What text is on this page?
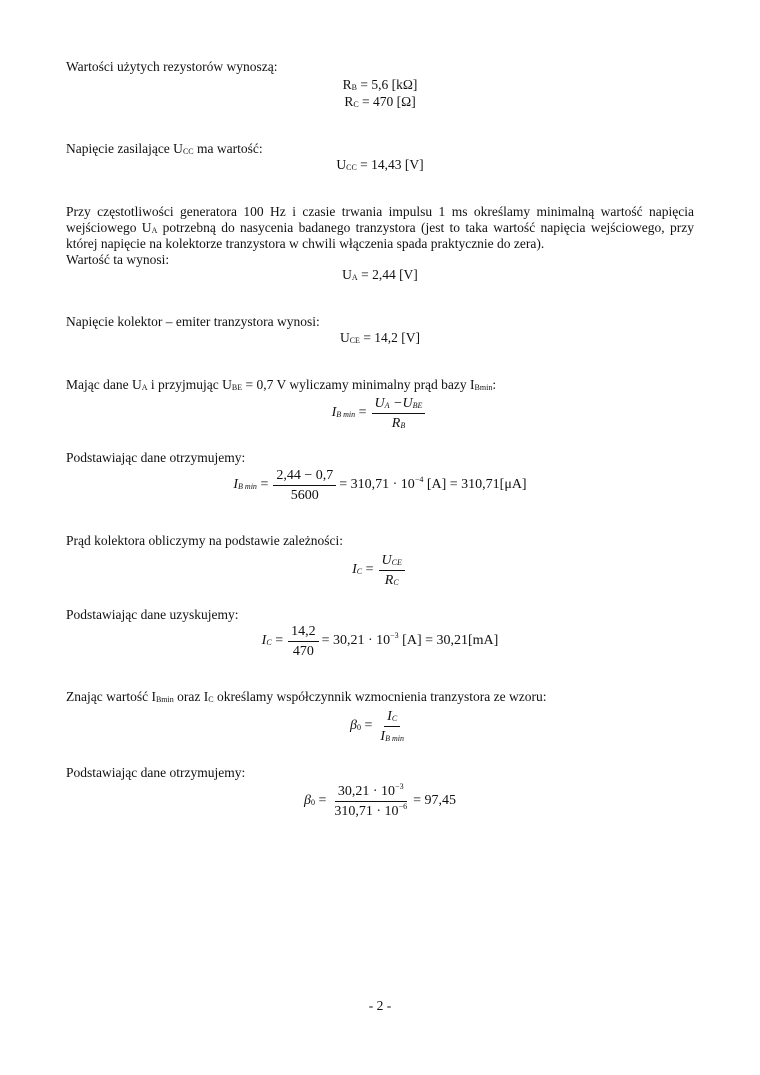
Wartości użytych rezystorów wynoszą:
$R_B = 5,6$ [kΩ]
$R_C = 470$ [Ω]
Napięcie zasilające $U_{CC}$ ma wartość:
$U_{CC} = 14,43$ [V]
Przy częstotliwości generatora 100 Hz i czasie trwania impulsu 1 ms określamy minimalną wartość napięcia
wejściowego $U_A$ potrzebną do nasycenia badanego tranzystora (jest to taka wartość napięcia wejściowego, przy
której napięcie na kolektorze tranzystora w chwili włączenia spada praktycznie do zera).
Wartość ta wynosi:
$U_A = 2,44$ [V]
Napięcie kolektor – emiter tranzystora wynosi:
$U_{CE} = 14,2$ [V]
Mając dane $U_A$ i przyjmując $U_{BE} = 0,7$ V wyliczamy minimalny prąd bazy $I_{Bmin}$:
$I_{B min} = \frac{U_A -U_{BE}}{R_B}$
Podstawiając dane otrzymujemy:
$I_{B min} = \frac{2,44 - 0,7}{5600} = 310,71 \cdot 10^{-4}$ [A] = 310,71[μA]
Prąd kolektora obliczymy na podstawie zależności:
$I_C = \frac{U_{CE}}{R_C}$
Podstawiając dane uzyskujemy:
$I_C = \frac{14,2}{470} = 30,21 \cdot 10^{-3}$ [A] = 30,21[mA]
Znając wartość $I_{Bmin}$ oraz $I_C$ określamy współczynnik wzmocnienia tranzystora ze wzoru:
$\beta_0 = \frac{I_C}{I_{B min}}$
Podstawiając dane otrzymujemy:
$\beta_0 = \frac{30,21 \cdot 10^{-3}}{310,71 \cdot 10^{-6}} = 97,45$
- 2 -
